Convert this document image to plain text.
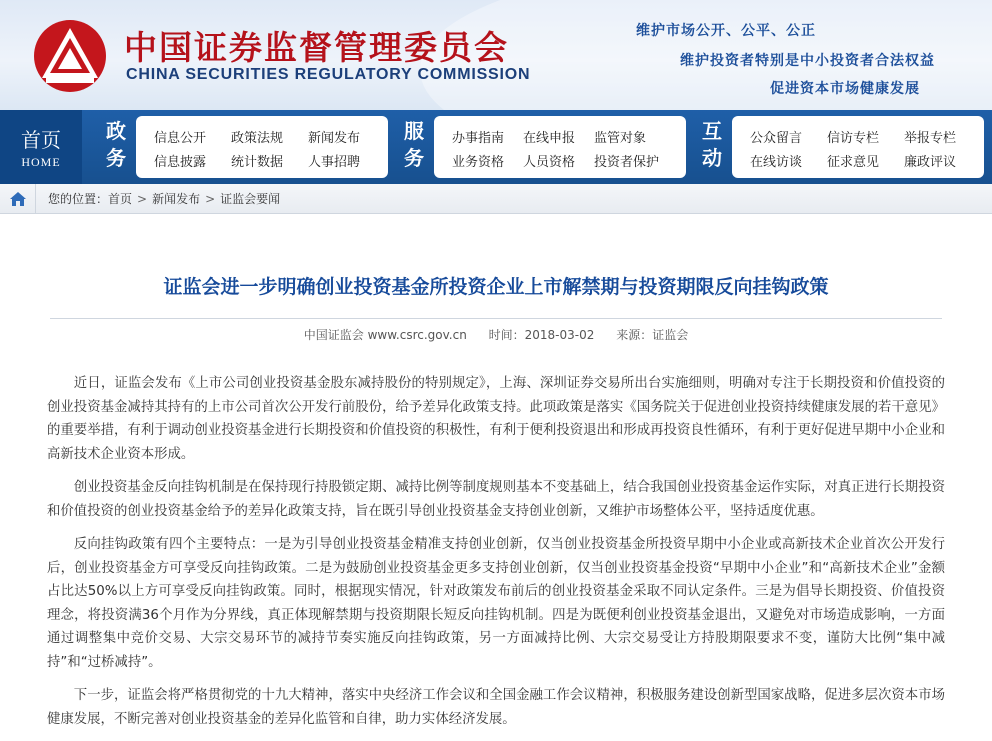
中国证券监督管理委员会
CHINA SECURITIES REGULATORY COMMISSION
维护市场公开、公平、公正
维护投资者特别是中小投资者合法权益
促进资本市场健康发展
首页
HOME
政
务
信息公开	政策法规	新闻发布
信息披露	统计数据	人事招聘
服
务
办事指南	在线申报	监管对象
业务资格	人员资格	投资者保护
互
动
公众留言	信访专栏	举报专栏
在线访谈	征求意见	廉政评议
您的位置：首页 > 新闻发布 > 证监会要闻
证监会进一步明确创业投资基金所投资企业上市解禁期与投资期限反向挂钩政策
中国证监会 www.csrc.gov.cn 时间：2018-03-02 来源：证监会

近日，证监会发布《上市公司创业投资基金股东减持股份的特别规定》，上海、深圳证券交易所出台实施细则，明确对专注于长期投资和价值投资的创业投资基金减持其持有的上市公司首次公开发行前股份，给予差异化政策支持。此项政策是落实《国务院关于促进创业投资持续健康发展的若干意见》的重要举措，有利于调动创业投资基金进行长期投资和价值投资的积极性，有利于便利投资退出和形成再投资良性循环，有利于更好促进早期中小企业和高新技术企业资本形成。

创业投资基金反向挂钩机制是在保持现行持股锁定期、减持比例等制度规则基本不变基础上，结合我国创业投资基金运作实际，对真正进行长期投资和价值投资的创业投资基金给予的差异化政策支持，旨在既引导创业投资基金支持创业创新，又维护市场整体公平，坚持适度优惠。

反向挂钩政策有四个主要特点：一是为引导创业投资基金精准支持创业创新，仅当创业投资基金所投资早期中小企业或高新技术企业首次公开发行后，创业投资基金方可享受反向挂钩政策。二是为鼓励创业投资基金更多支持创业创新，仅当创业投资基金投资“早期中小企业”和“高新技术企业”金额占比达50%以上方可享受反向挂钩政策。同时，根据现实情况，针对政策发布前后的创业投资基金采取不同认定条件。三是为倡导长期投资、价值投资理念，将投资满36个月作为分界线，真正体现解禁期与投资期限长短反向挂钩机制。四是为既便利创业投资基金退出，又避免对市场造成影响，一方面通过调整集中竞价交易、大宗交易环节的减持节奏实施反向挂钩政策，另一方面减持比例、大宗交易受让方持股期限要求不变，谨防大比例“集中减持”和“过桥减持”。

下一步，证监会将严格贯彻党的十九大精神，落实中央经济工作会议和全国金融工作会议精神，积极服务建设创新型国家战略，促进多层次资本市场健康发展，不断完善对创业投资基金的差异化监管和自律，助力实体经济发展。
